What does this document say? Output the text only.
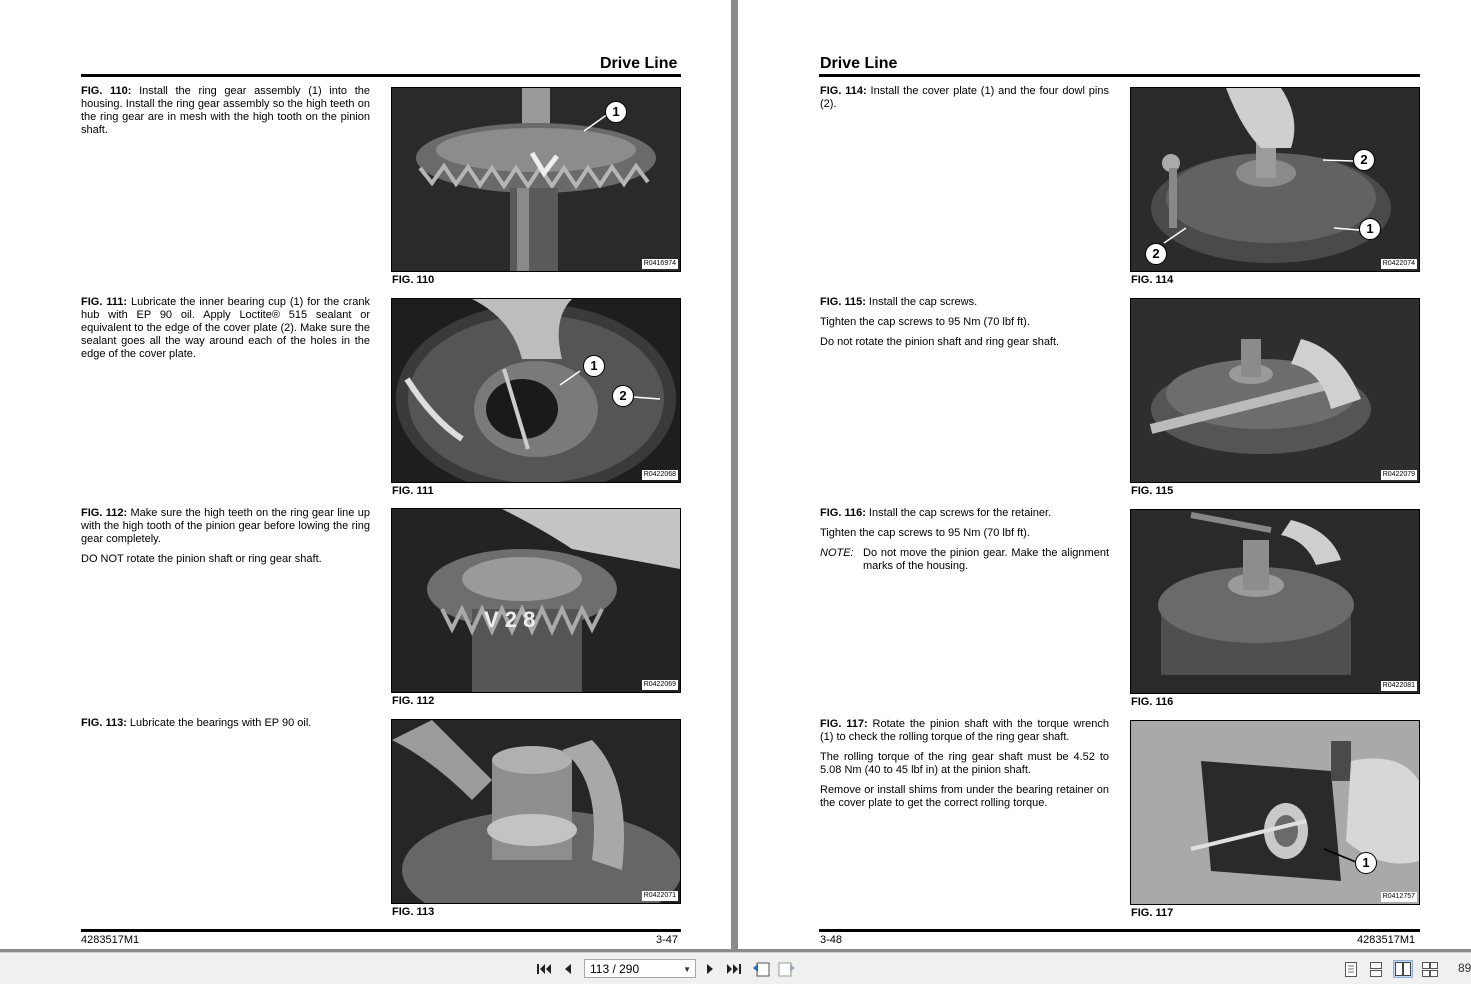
Drive Line

FIG. 110: Install the ring gear assembly (1) into the housing. Install the ring gear assembly so the high teeth on the ring gear are in mesh with the high tooth on the pinion shaft.

1
R0416974
FIG. 110

FIG. 111: Lubricate the inner bearing cup (1) for the crank hub with EP 90 oil. Apply Loctite® 515 sealant or equivalent to the edge of the cover plate (2). Make sure the sealant goes all the way around each of the holes in the edge of the cover plate.

1
2
R0422068
FIG. 111

FIG. 112: Make sure the high teeth on the ring gear line up with the high tooth of the pinion gear before lowing the ring gear completely.

DO NOT rotate the pinion shaft or ring gear shaft.

V 2 8
R0422069
FIG. 112

FIG. 113: Lubricate the bearings with EP 90 oil.

R0422071
FIG. 113
4283517M1	3-47
Drive Line

FIG. 114: Install the cover plate (1) and the four dowl pins (2).

2
1
2
R0422074
FIG. 114

FIG. 115: Install the cap screws.

Tighten the cap screws to 95 Nm (70 lbf ft).

Do not rotate the pinion shaft and ring gear shaft.

R0422079
FIG. 115

FIG. 116: Install the cap screws for the retainer.

Tighten the cap screws to 95 Nm (70 lbf ft).

NOTE: Do not move the pinion gear. Make the alignment marks of the housing.
R0422081
FIG. 116

FIG. 117: Rotate the pinion shaft with the torque wrench (1) to check the rolling torque of the ring gear shaft.

The rolling torque of the ring gear shaft must be 4.52 to 5.08 Nm (40 to 45 lbf in) at the pinion shaft.

Remove or install shims from under the bearing retainer on the cover plate to get the correct rolling torque.

1
R0412757
FIG. 117
3-48	4283517M1
113 / 290	▼	89
